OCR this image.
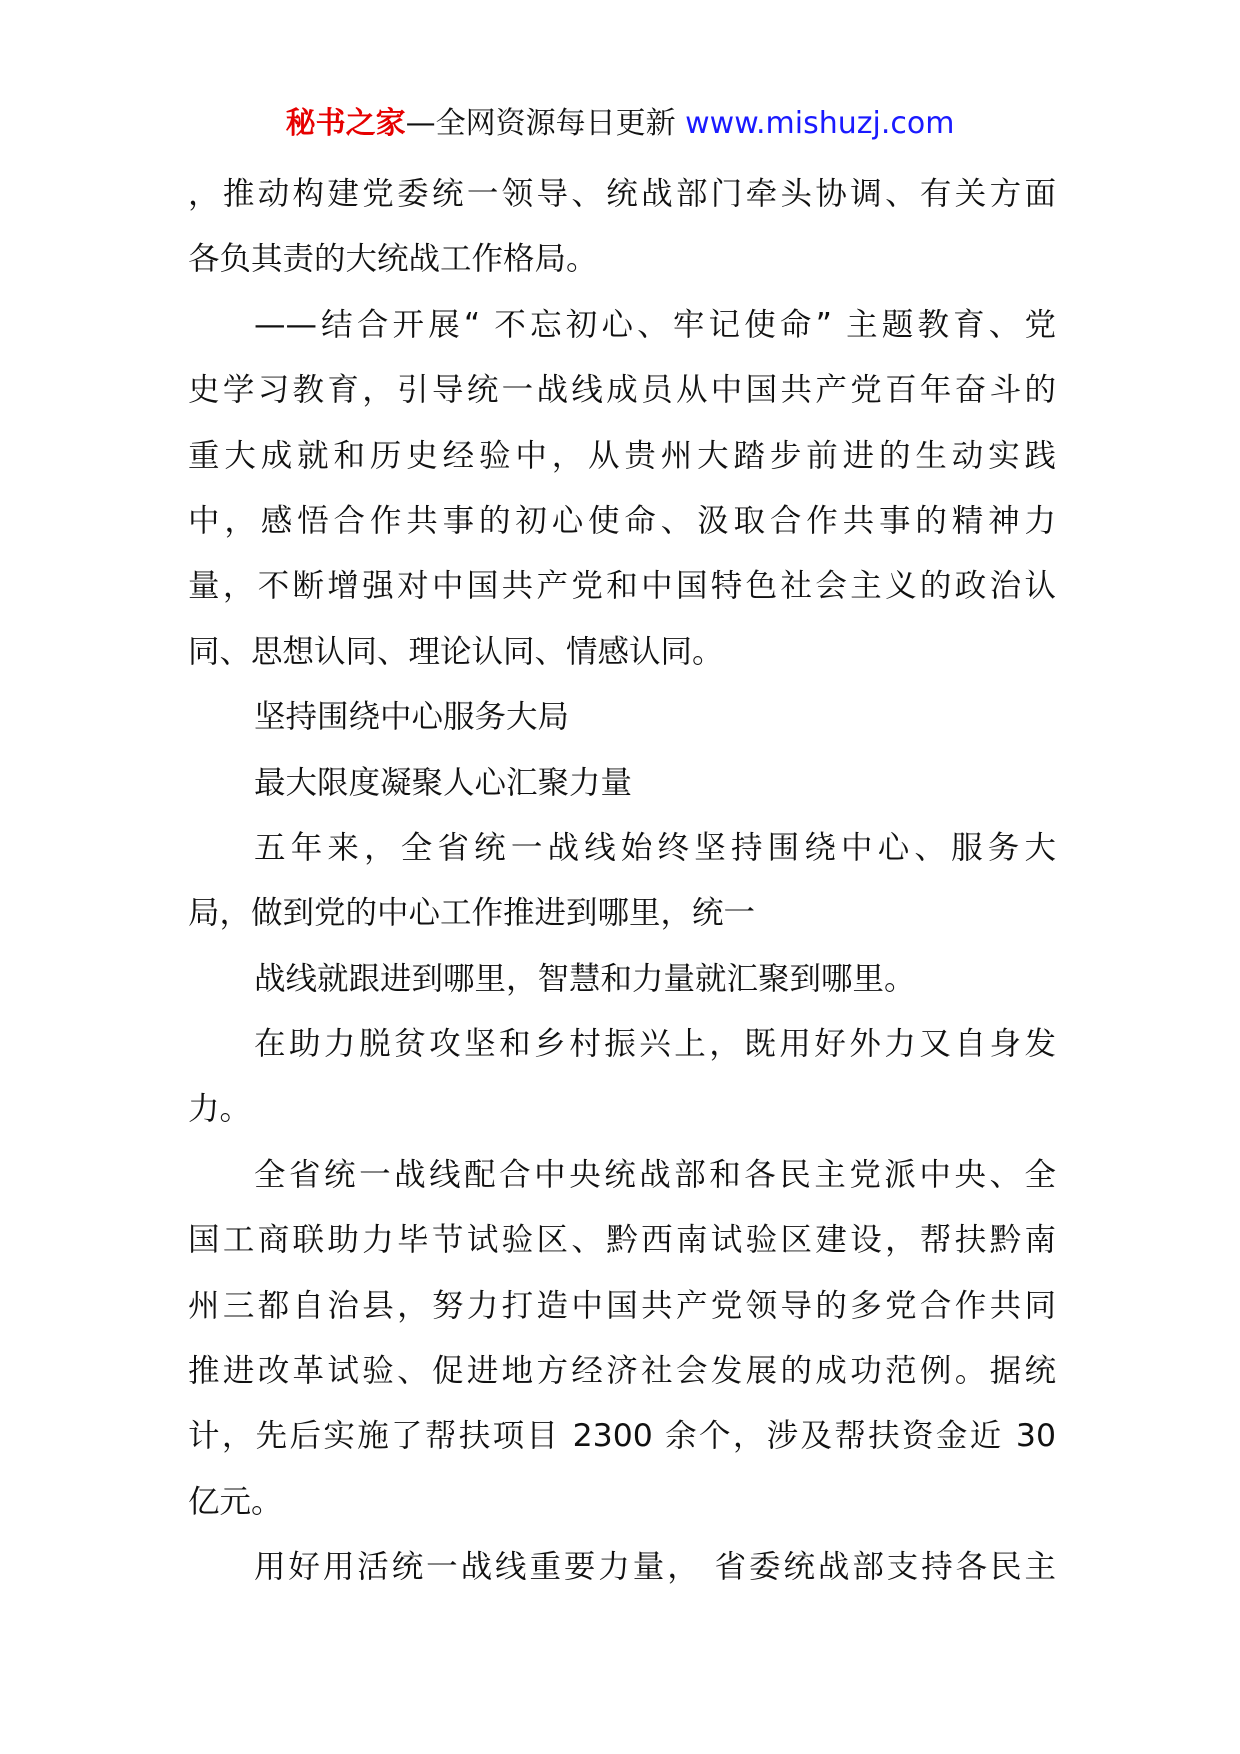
秘书之家—全网资源每日更新 www.mishuzj.com
，推动构建党委统一领导、统战部门牵头协调、有关方面
各负其责的大统战工作格局。
——结合开展“ 不忘初心、牢记使命” 主题教育、党
史学习教育，引导统一战线成员从中国共产党百年奋斗的
重大成就和历史经验中，从贵州大踏步前进的生动实践
中，感悟合作共事的初心使命、汲取合作共事的精神力
量，不断增强对中国共产党和中国特色社会主义的政治认
同、思想认同、理论认同、情感认同。
坚持围绕中心服务大局
最大限度凝聚人心汇聚力量
五年来，全省统一战线始终坚持围绕中心、服务大
局，做到党的中心工作推进到哪里，统一
战线就跟进到哪里，智慧和力量就汇聚到哪里。
在助力脱贫攻坚和乡村振兴上，既用好外力又自身发
力。
全省统一战线配合中央统战部和各民主党派中央、全
国工商联助力毕节试验区、黔西南试验区建设，帮扶黔南
州三都自治县，努力打造中国共产党领导的多党合作共同
推进改革试验、促进地方经济社会发展的成功范例。据统
计，先后实施了帮扶项目 2300 余个，涉及帮扶资金近 30
亿元。
用好用活统一战线重要力量， 省委统战部支持各民主
